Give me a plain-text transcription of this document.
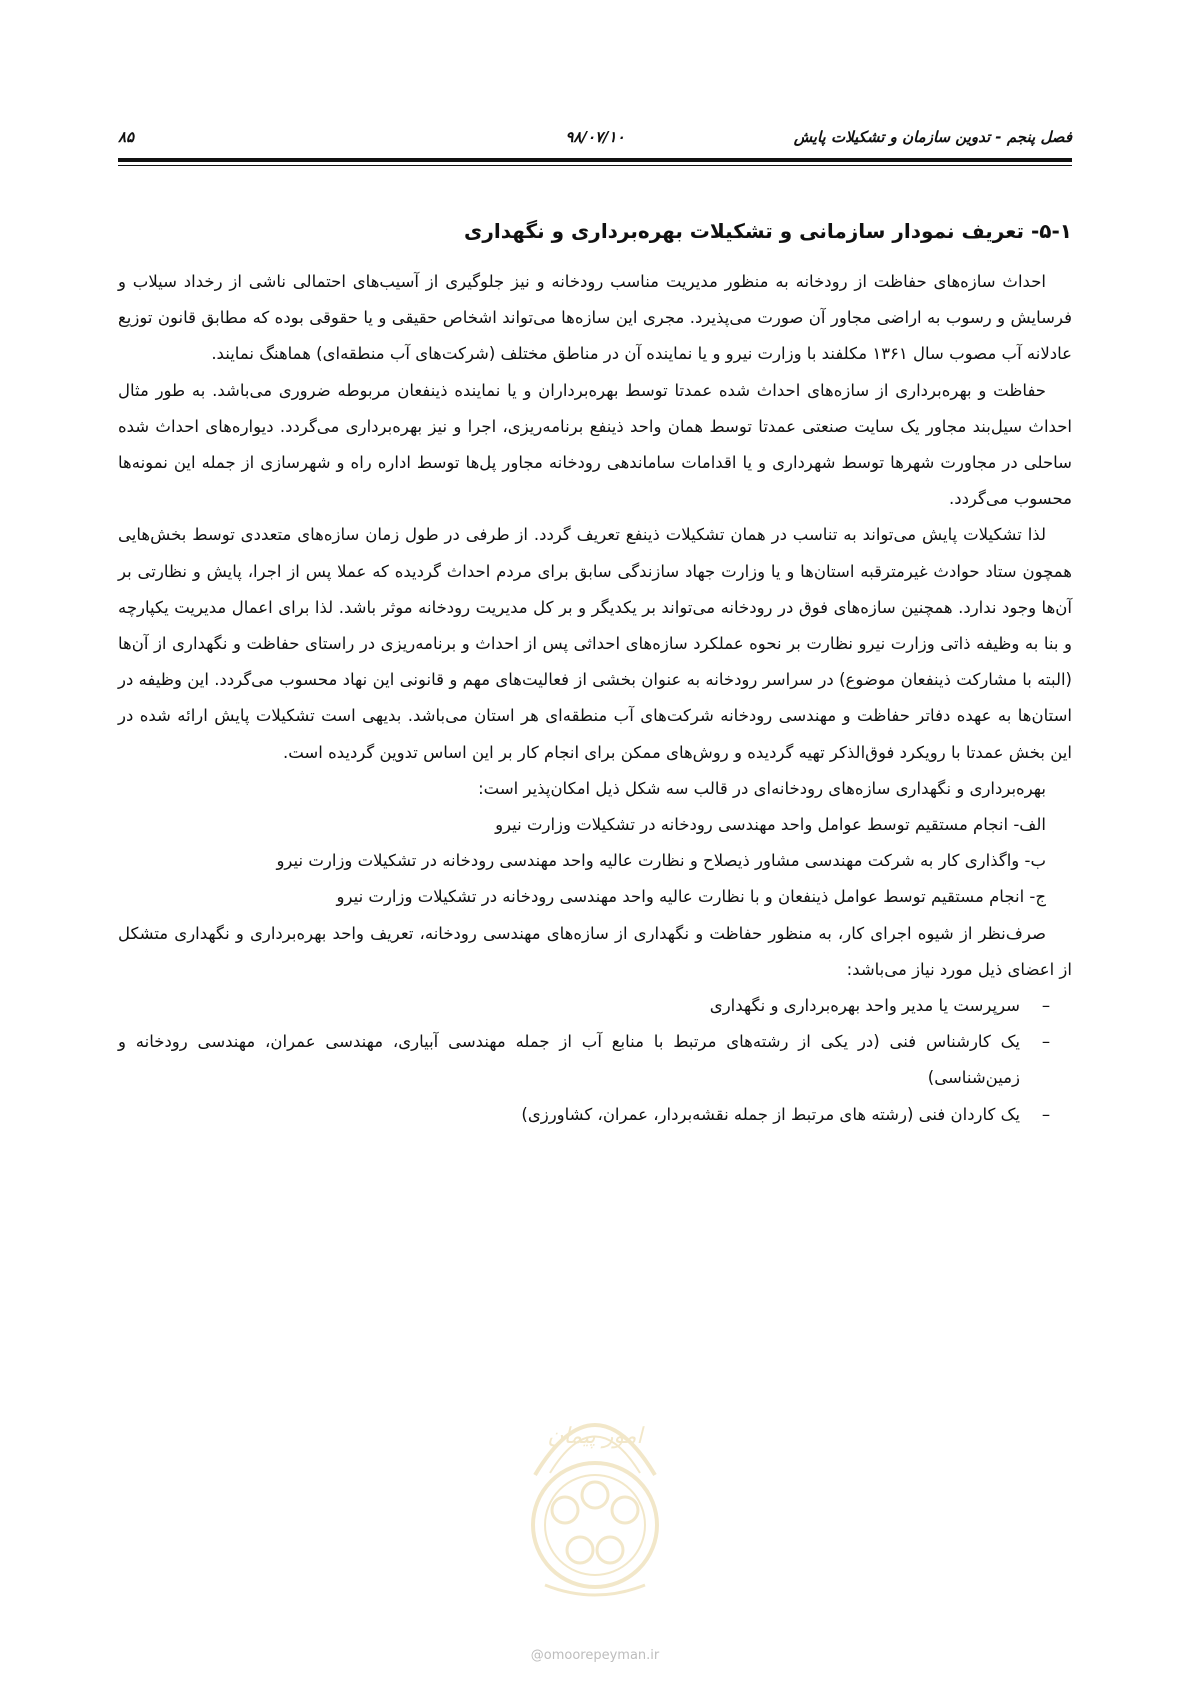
فصل پنجم - تدوین سازمان و تشکیلات پایش
۹۸/۰۷/۱۰
۸۵
۵-۱- تعریف نمودار سازمانی و تشکیلات بهره‌برداری و نگهداری

احداث سازه‌های حفاظت از رودخانه به منظور مدیریت مناسب رودخانه و نیز جلوگیری از آسیب‌های احتمالی ناشی از رخداد سیلاب و فرسایش و رسوب به اراضی مجاور آن صورت می‌پذیرد. مجری این سازه‌ها می‌تواند اشخاص حقیقی و یا حقوقی بوده که مطابق قانون توزیع عادلانه آب مصوب سال ۱۳۶۱ مکلفند با وزارت نیرو و یا نماینده آن در مناطق مختلف (شرکت‌های آب منطقه‌ای) هماهنگ نمایند.

حفاظت و بهره‌برداری از سازه‌های احداث شده عمدتا توسط بهره‌برداران و یا نماینده ذینفعان مربوطه ضروری می‌باشد. به طور مثال احداث سیل‌بند مجاور یک سایت صنعتی عمدتا توسط همان واحد ذینفع برنامه‌ریزی، اجرا و نیز بهره‌برداری می‌گردد. دیواره‌های احداث شده ساحلی در مجاورت شهرها توسط شهرداری و یا اقدامات ساماندهی رودخانه مجاور پل‌ها توسط اداره راه و شهرسازی از جمله این نمونه‌ها محسوب می‌گردد.

لذا تشکیلات پایش می‌تواند به تناسب در همان تشکیلات ذینفع تعریف گردد. از طرفی در طول زمان سازه‌های متعددی توسط بخش‌هایی همچون ستاد حوادث غیرمترقبه استان‌ها و یا وزارت جهاد سازندگی سابق برای مردم احداث گردیده که عملا پس از اجرا، پایش و نظارتی بر آن‌ها وجود ندارد. همچنین سازه‌های فوق در رودخانه می‌تواند بر یکدیگر و بر کل مدیریت رودخانه موثر باشد. لذا برای اعمال مدیریت یکپارچه و بنا به وظیفه ذاتی وزارت نیرو نظارت بر نحوه عملکرد سازه‌های احداثی پس از احداث و برنامه‌ریزی در راستای حفاظت و نگهداری از آن‌ها (البته با مشارکت ذینفعان موضوع) در سراسر رودخانه به عنوان بخشی از فعالیت‌های مهم و قانونی این نهاد محسوب می‌گردد. این وظیفه در استان‌ها به عهده دفاتر حفاظت و مهندسی رودخانه شرکت‌های آب منطقه‌ای هر استان می‌باشد. بدیهی است تشکیلات پایش ارائه شده در این بخش عمدتا با رویکرد فوق‌الذکر تهیه گردیده و روش‌های ممکن برای انجام کار بر این اساس تدوین گردیده است.

بهره‌برداری و نگهداری سازه‌های رودخانه‌ای در قالب سه شکل ذیل امکان‌پذیر است:

الف- انجام مستقیم توسط عوامل واحد مهندسی رودخانه در تشکیلات وزارت نیرو

ب- واگذاری کار به شرکت مهندسی مشاور ذیصلاح و نظارت عالیه واحد مهندسی رودخانه در تشکیلات وزارت نیرو

ج- انجام مستقیم توسط عوامل ذینفعان و با نظارت عالیه واحد مهندسی رودخانه در تشکیلات وزارت نیرو

صرف‌نظر از شیوه اجرای کار، به منظور حفاظت و نگهداری از سازه‌های مهندسی رودخانه، تعریف واحد بهره‌برداری و نگهداری متشکل از اعضای ذیل مورد نیاز می‌باشد:

–
سرپرست یا مدیر واحد بهره‌برداری و نگهداری
–
یک کارشناس فنی (در یکی از رشته‌های مرتبط با منابع آب از جمله مهندسی آبیاری، مهندسی عمران، مهندسی رودخانه و زمین‌شناسی)
–
یک کاردان فنی (رشته های مرتبط از جمله نقشه‌بردار، عمران، کشاورزی)
امور پیمان
@omoorepeyman.ir
